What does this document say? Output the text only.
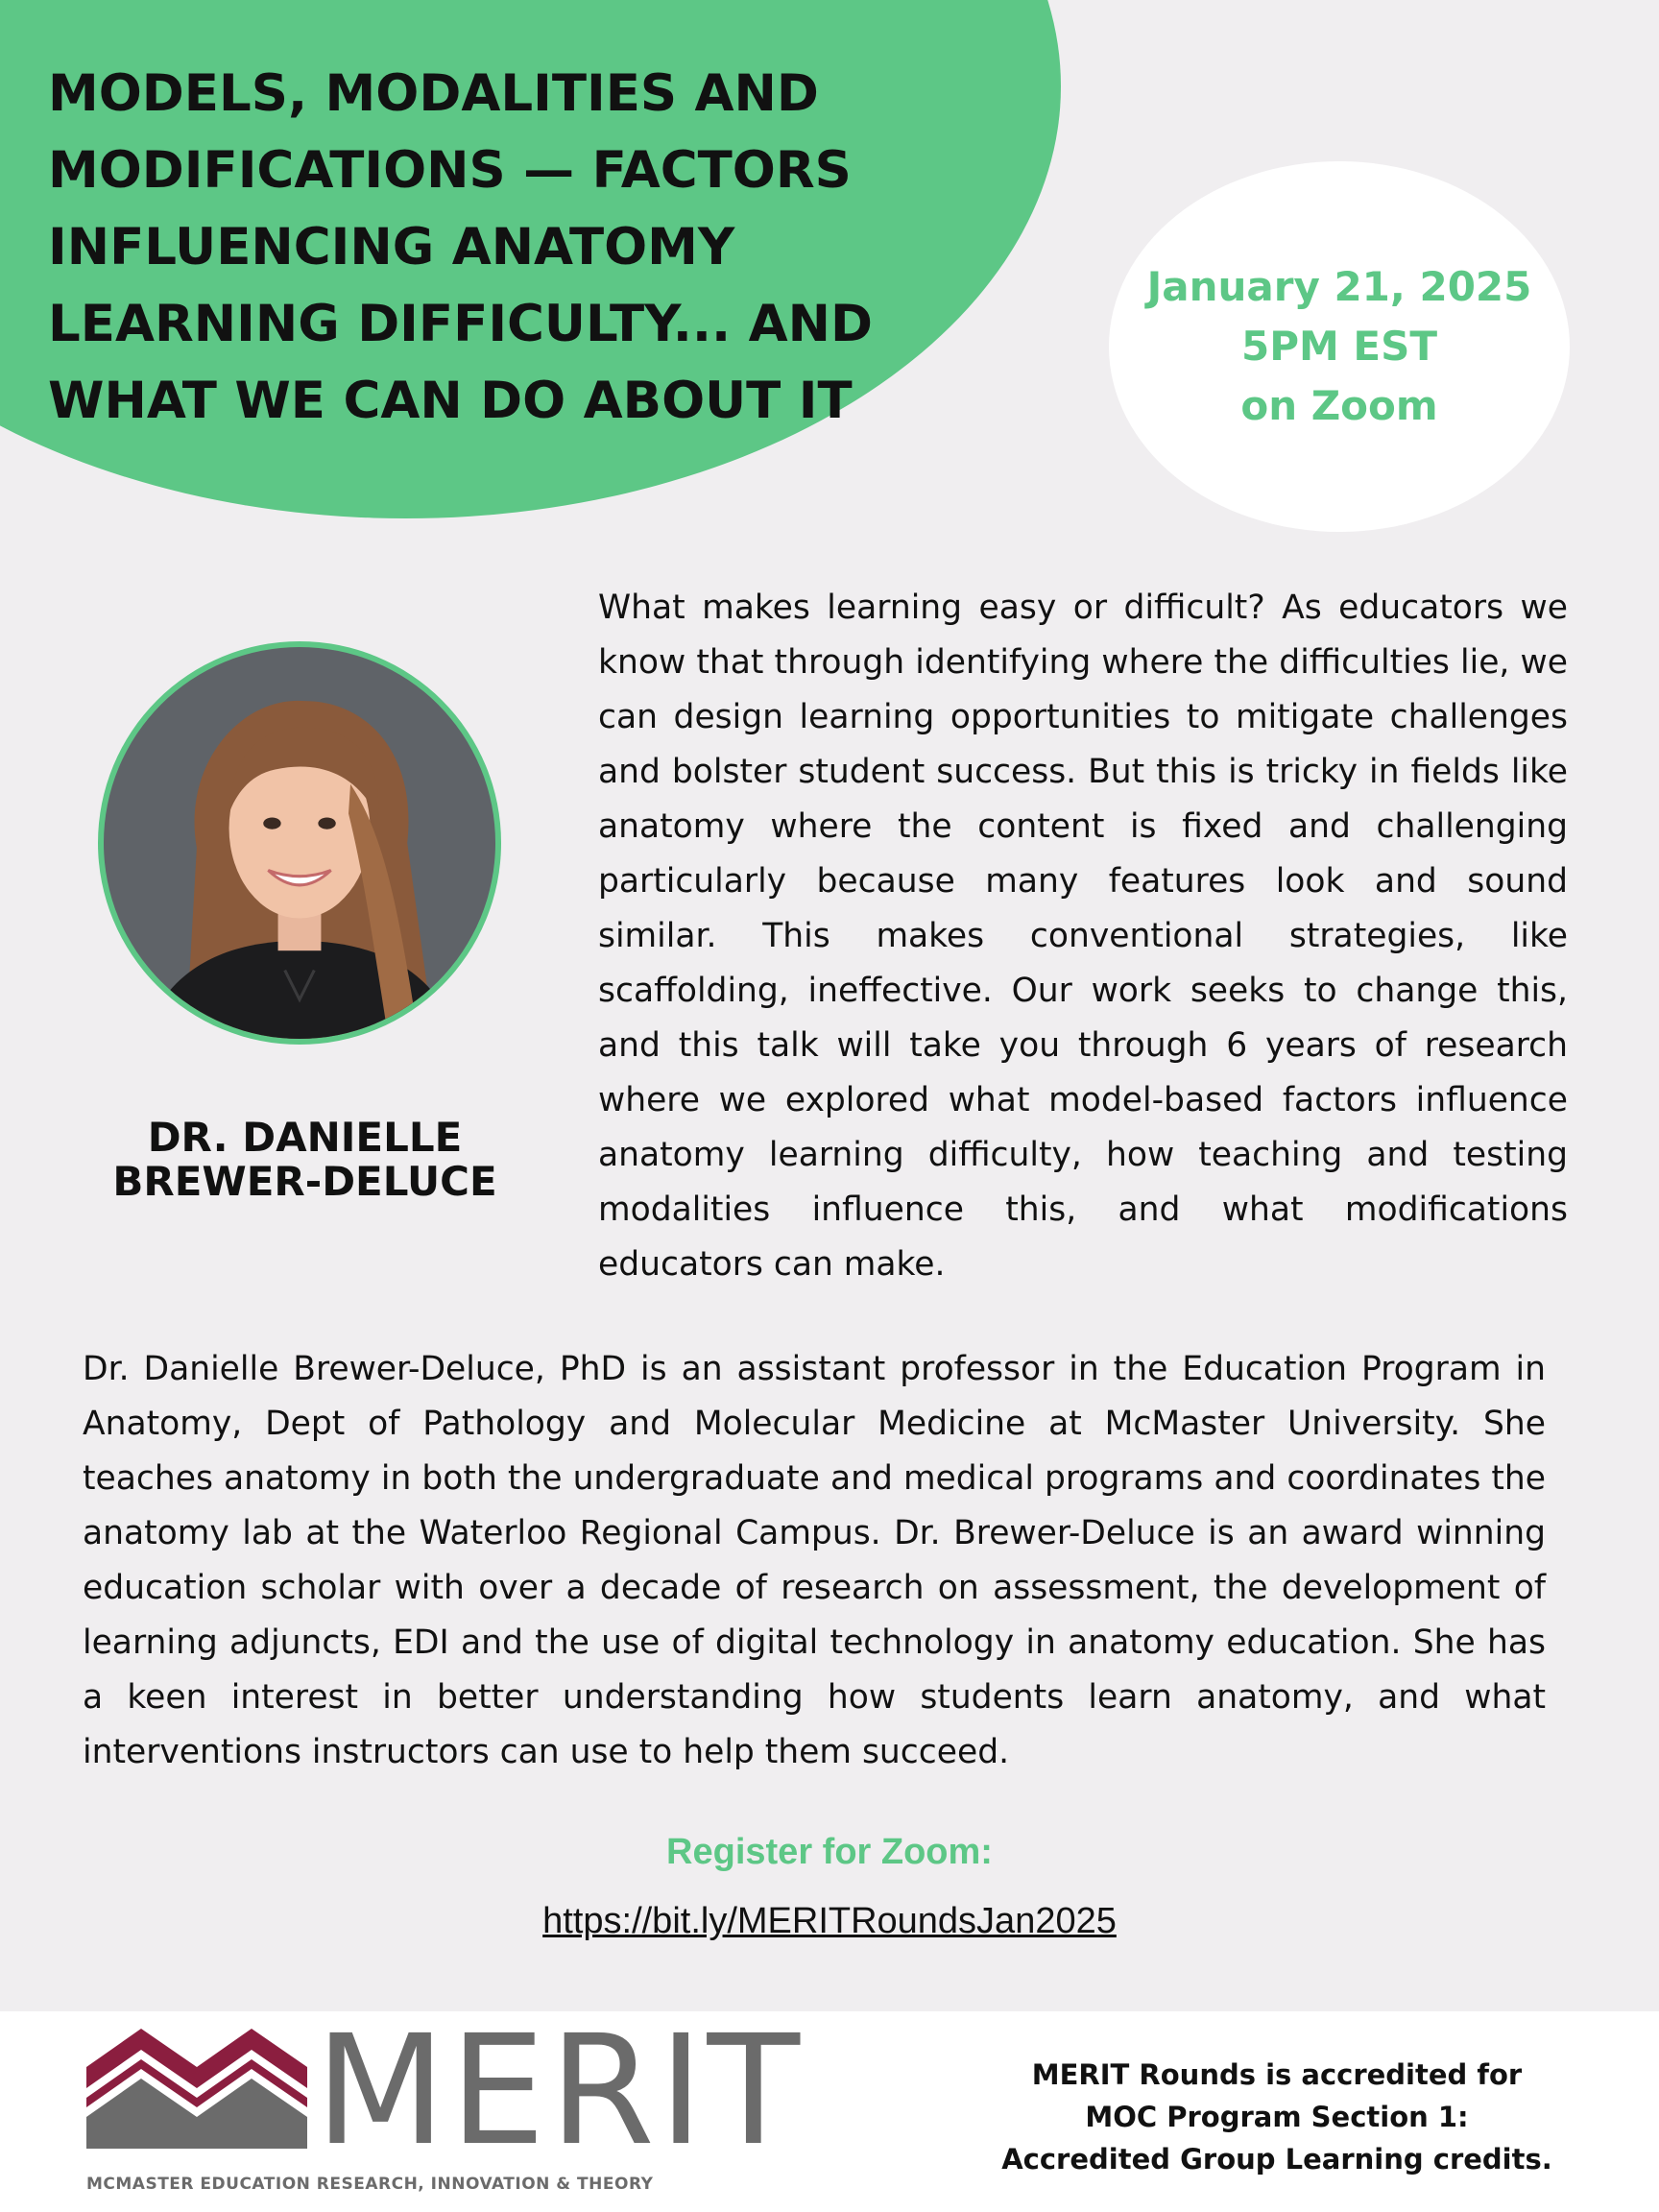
MODELS, MODALITIES AND MODIFICATIONS — FACTORS INFLUENCING ANATOMY LEARNING DIFFICULTY... AND WHAT WE CAN DO ABOUT IT
January 21, 2025
5PM EST
on Zoom
DR. DANIELLE
BREWER-DELUCE

What makes learning easy or difficult? As educators we know that through identifying where the difficulties lie, we can design learning opportunities to mitigate challenges and bolster student success. But this is tricky in fields like anatomy where the content is fixed and challenging particularly because many features look and sound similar. This makes conventional strategies, like scaffolding, ineffective. Our work seeks to change this, and this talk will take you through 6 years of research where we explored what model-based factors influence anatomy learning difficulty, how teaching and testing modalities influence this, and what modifications educators can make.

Dr. Danielle Brewer-Deluce, PhD is an assistant professor in the Education Program in Anatomy, Dept of Pathology and Molecular Medicine at McMaster University. She teaches anatomy in both the undergraduate and medical programs and coordinates the anatomy lab at the Waterloo Regional Campus. Dr. Brewer-Deluce is an award winning education scholar with over a decade of research on assessment, the development of learning adjuncts, EDI and the use of digital technology in anatomy education. She has a keen interest in better understanding how students learn anatomy, and what interventions instructors can use to help them succeed.

Register for Zoom:
https://bit.ly/MERITRoundsJan2025
MERIT
MCMASTER EDUCATION RESEARCH, INNOVATION & THEORY
MERIT Rounds is accredited for
MOC Program Section 1:
Accredited Group Learning credits.
